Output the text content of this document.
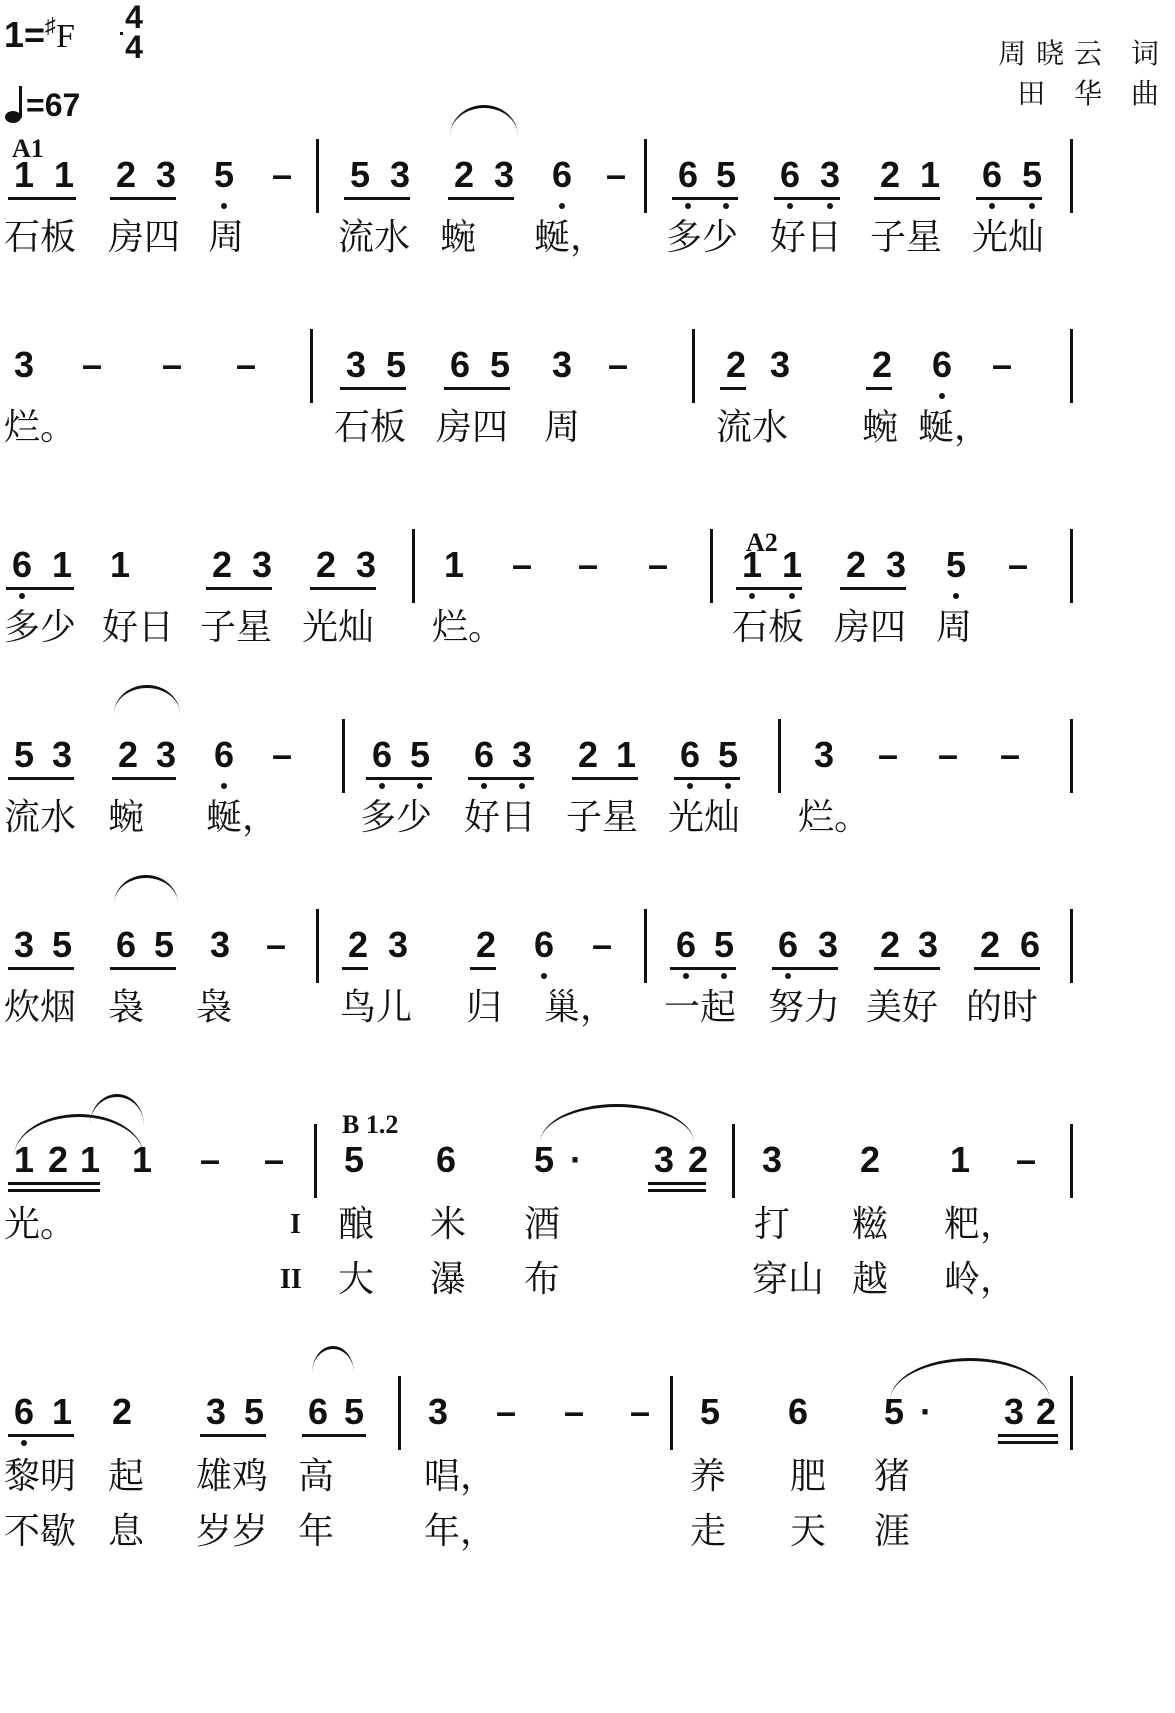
1=♯F
4
4
=67
周晓云 词
田 华 曲
A1
A2
B 1.2
1 1 2 3 5 – 5 3 2 3 6 – 6 5 6 3 2 1 6 5
石板 房四 周	流水 蜿 蜒， 多少 好日 子星 光灿
3 – – – 3 5 6 5 3 –	2 3 2 6 –
烂。	石板 房四 周	流水 蜿 蜒，
6 1 1 2 3 2 3 1 – – – 1 1 2 3 5 –
多少 好日 子星 光灿 烂。	石板 房四 周
5 3 2 3 6 – 6 5 6 3 2 1 6 5 3 – – –
流水 蜿 蜒， 多少 好日 子星 光灿 烂。
3 5 6 5 3 – 2 3 2 6 – 6 5 6 3 2 3 2 6
炊烟 袅 袅	鸟儿 归 巢， 一起 努力 美好 的时
1 2 1 1 – – 5 6 5 · 3 2 3 2 1 –
光。	酿 米 酒	打 糍 粑，
大 瀑 布	穿山 越 岭，
6 1 2 3 5 6 5 3 – – – 5 6 5 · 3 2
黎明 起 雄鸡 高 唱，	养 肥 猪
不歇 息 岁岁 年 年，	走 天 涯
I
II
